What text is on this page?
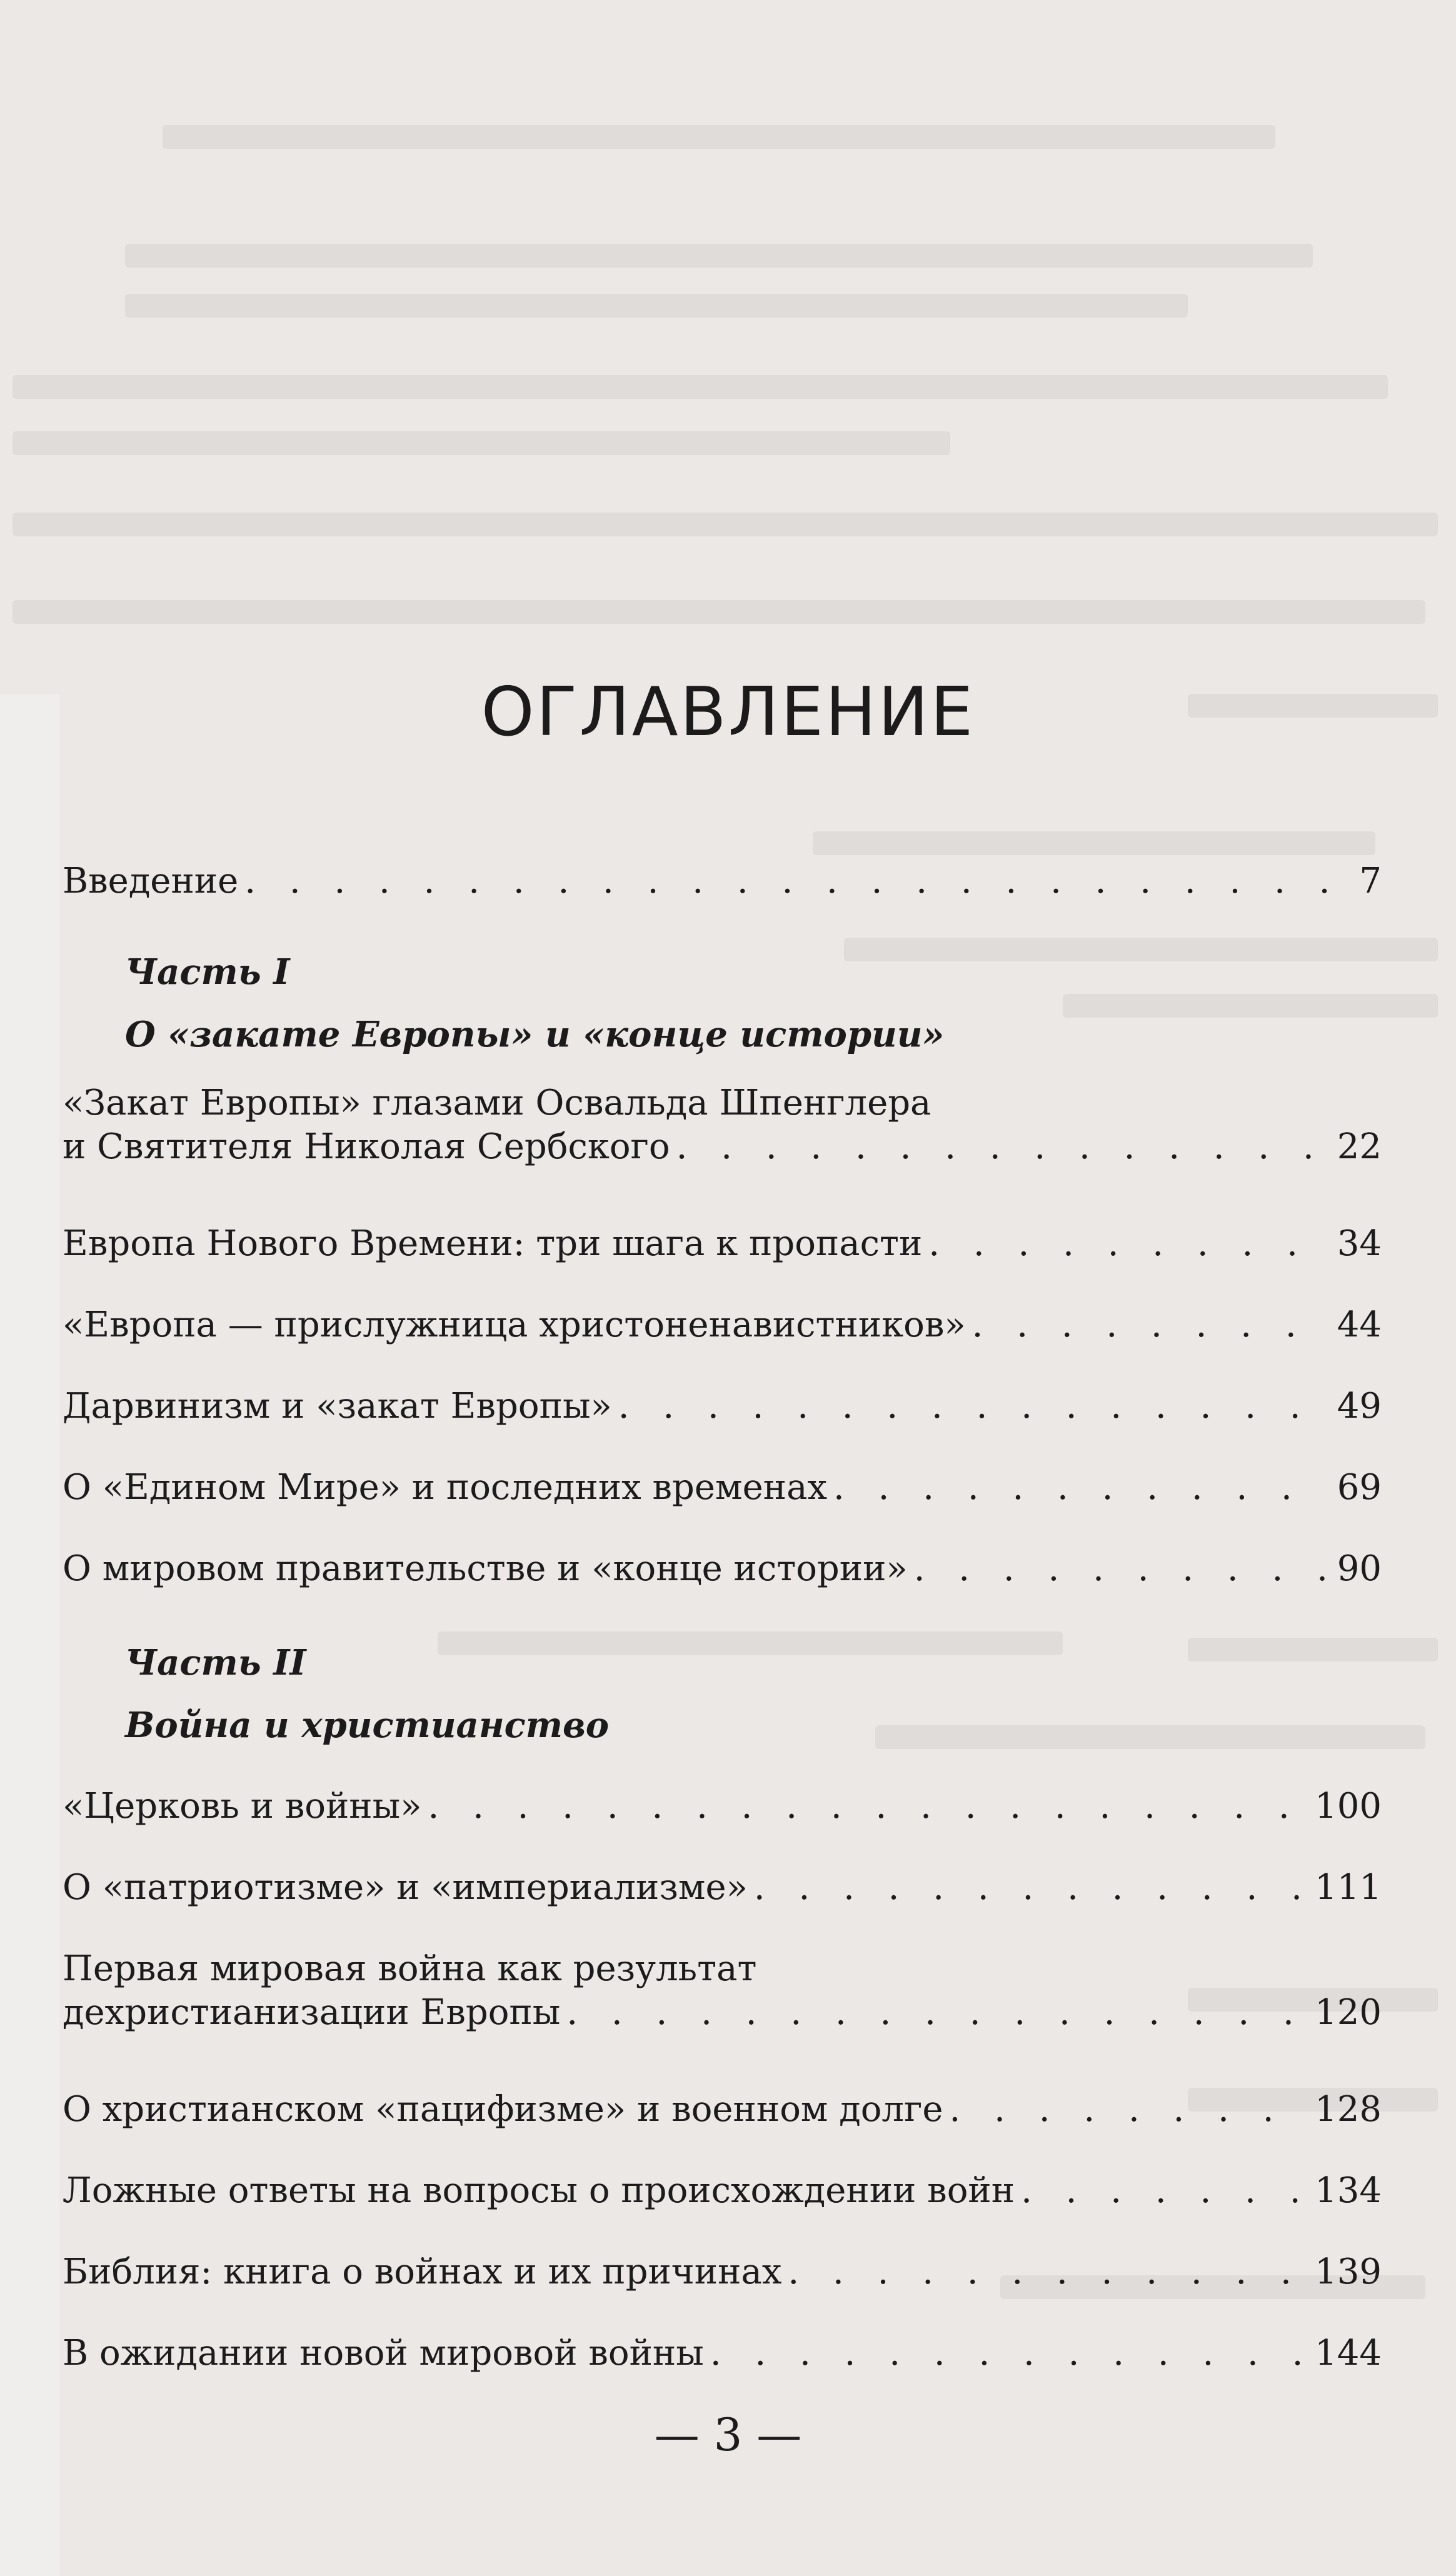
ОГЛАВЛЕНИЕ
Введение . . .	7
Часть I
О «закате Европы» и «конце истории»
«Закат Европы» глазами Освальда Шпенглера
и Святителя Николая Сербского . . .	22
Европа Нового Времени: три шага к пропасти . . .	34
«Европа — прислужница христоненавистников» . . .	44
Дарвинизм и «закат Европы» . . .	49
О «Едином Мире» и последних временах . . .	69
О мировом правительстве и «конце истории» . . .	90
Часть II
Война и христианство
«Церковь и войны» . . .	100
О «патриотизме» и «империализме» . . .	111
Первая мировая война как результат
дехристианизации Европы . . .	120
О христианском «пацифизме» и военном долге . . .	128
Ложные ответы на вопросы о происхождении войн . . .	134
Библия: книга о войнах и их причинах . . .	139
В ожидании новой мировой войны . . .	144
— 3 —
